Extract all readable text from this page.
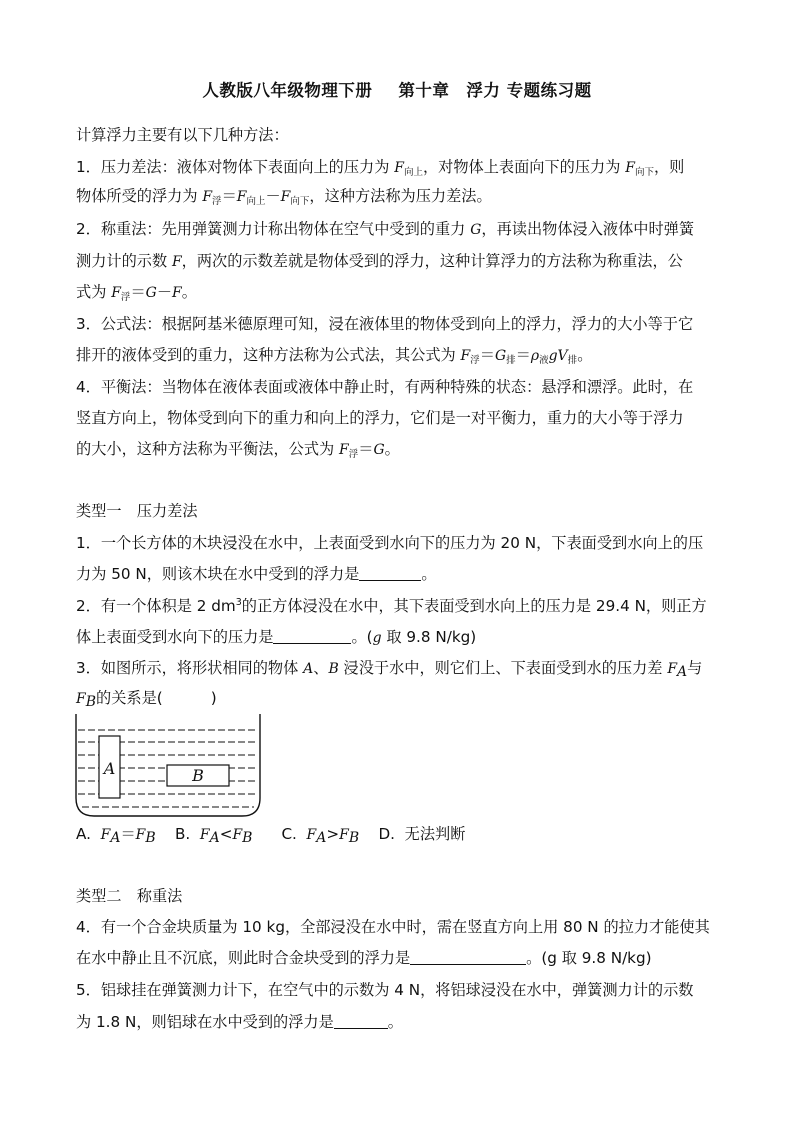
人教版八年级物理下册 第十章　浮力 专题练习题
计算浮力主要有以下几种方法：
1．压力差法：液体对物体下表面向上的压力为 $F_{向上}$，对物体上表面向下的压力为 $F_{向下}$，则
物体所受的浮力为 $F_浮=F_{向上}-F_{向下}$，这种方法称为压力差法。
2．称重法：先用弹簧测力计称出物体在空气中受到的重力 G，再读出物体浸入液体中时弹簧
测力计的示数 F，两次的示数差就是物体受到的浮力，这种计算浮力的方法称为称重法，公
式为 $F_浮=G-F$。
3．公式法：根据阿基米德原理可知，浸在液体里的物体受到向上的浮力，浮力的大小等于它
排开的液体受到的重力，这种方法称为公式法，其公式为 $F_浮=G_排=\rho_液gV_排$。
4．平衡法：当物体在液体表面或液体中静止时，有两种特殊的状态：悬浮和漂浮。此时，在
竖直方向上，物体受到向下的重力和向上的浮力，它们是一对平衡力，重力的大小等于浮力
的大小，这种方法称为平衡法，公式为 $F_浮=G$。
类型一　压力差法
1．一个长方体的木块浸没在水中，上表面受到水向下的压力为 20 N，下表面受到水向上的压
力为 50 N，则该木块在水中受到的浮力是	。
2．有一个体积是 2 $dm^3$的正方体浸没在水中，其下表面受到水向上的压力是 29.4 N，则正方
体上表面受到水向下的压力是	。(g 取 9.8 N/kg)
3．如图所示，将形状相同的物体 A、B 浸没于水中，则它们上、下表面受到水的压力差 $F_A$与
$F_B$的关系是(	)
A	B
A. $F_A=F_B$ B. $F_A<F_B$ C. $F_A>F_B$ D. 无法判断
类型二　称重法
4．有一个合金块质量为 10 kg，全部浸没在水中时，需在竖直方向上用 80 N 的拉力才能使其
在水中静止且不沉底，则此时合金块受到的浮力是	。(g 取 9.8 N/kg)
5．铝球挂在弹簧测力计下，在空气中的示数为 4 N，将铝球浸没在水中，弹簧测力计的示数
为 1.8 N，则铝球在水中受到的浮力是	。
